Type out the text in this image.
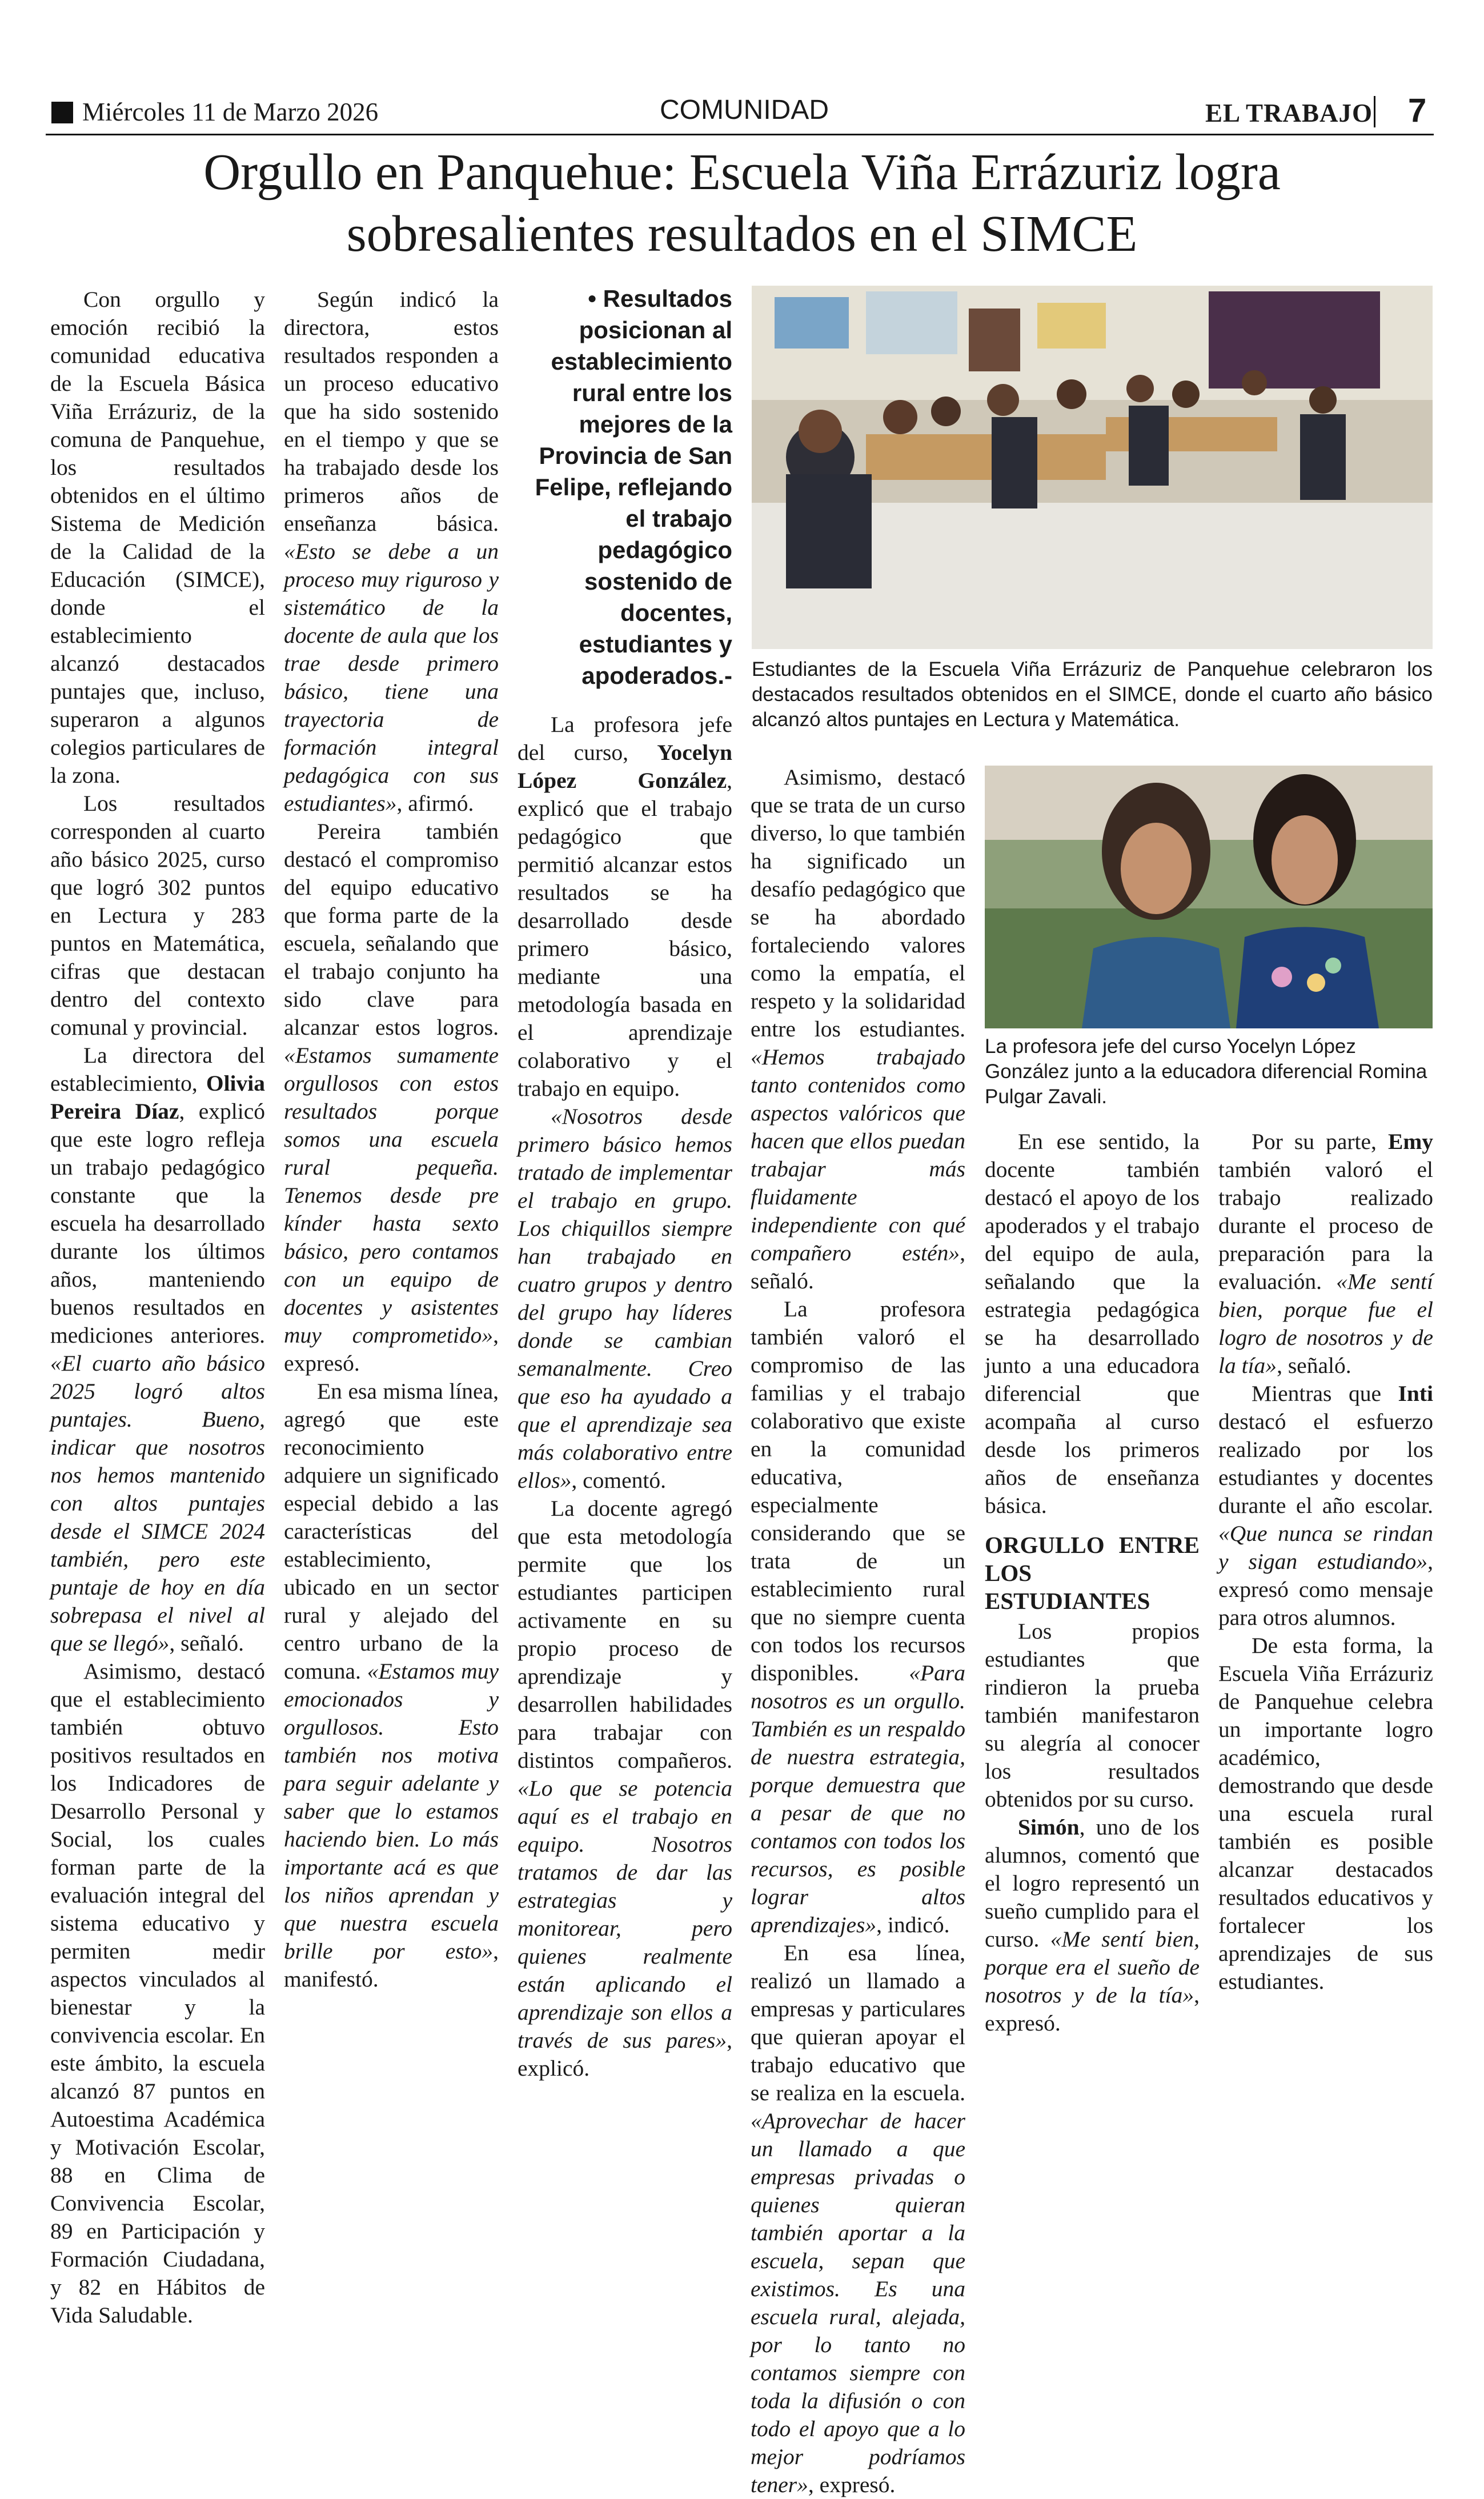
Miércoles 11 de Marzo 2026	COMUNIDAD	EL TRABAJO 7
Orgullo en Panquehue: Escuela Viña Errázuriz logra
sobresalientes resultados en el SIMCE

Con orgullo y emoción recibió la comunidad educativa de la Escuela Básica Viña Errázuriz, de la comuna de Panquehue, los resultados obtenidos en el último Sistema de Medición de la Calidad de la Educación (SIMCE), donde el establecimiento alcanzó destacados puntajes que, incluso, superaron a algunos colegios particulares de la zona.

Los resultados corresponden al cuarto año básico 2025, curso que logró 302 puntos en Lectura y 283 puntos en Matemática, cifras que destacan dentro del contexto comunal y provincial.

La directora del establecimiento, Olivia Pereira Díaz, explicó que este logro refleja un trabajo pedagógico constante que la escuela ha desarrollado durante los últimos años, manteniendo buenos resultados en mediciones anteriores. «El cuarto año básico 2025 logró altos puntajes. Bueno, indicar que nosotros nos hemos mantenido con altos puntajes desde el SIMCE 2024 también, pero este puntaje de hoy en día sobrepasa el nivel al que se llegó», señaló.

Asimismo, destacó que el establecimiento también obtuvo positivos resultados en los Indicadores de Desarrollo Personal y Social, los cuales forman parte de la evaluación integral del sistema educativo y permiten medir aspectos vinculados al bienestar y la convivencia escolar. En este ámbito, la escuela alcanzó 87 puntos en Autoestima Académica y Motivación Escolar, 88 en Clima de Convivencia Escolar, 89 en Participación y Formación Ciudadana, y 82 en Hábitos de Vida Saludable.

• Resultados posicionan al establecimiento rural entre los mejores de la Provincia de San Felipe, reflejando el trabajo pedagógico sostenido de docentes, estudiantes y apoderados.- Estudiantes de la Escuela Viña Errázuriz de Panquehue celebraron los destacados resultados obtenidos en el SIMCE, donde el cuarto año básico alcanzó altos puntajes en Lectura y Matemática.
La profesora jefe del curso Yocelyn López González junto a la educadora diferencial Romina Pulgar Zavali.

Según indicó la directora, estos resultados responden a un proceso educativo que ha sido sostenido en el tiempo y que se ha trabajado desde los primeros años de enseñanza básica. «Esto se debe a un proceso muy riguroso y sistemático de la docente de aula que los trae desde primero básico, tiene una trayectoria de formación integral pedagógica con sus estudiantes», afirmó.

Pereira también destacó el compromiso del equipo educativo que forma parte de la escuela, señalando que el trabajo conjunto ha sido clave para alcanzar estos logros. «Estamos sumamente orgullosos con estos resultados porque somos una escuela rural pequeña. Tenemos desde pre kínder hasta sexto básico, pero contamos con un equipo de docentes y asistentes muy comprometido», expresó.

En esa misma línea, agregó que este reconocimiento adquiere un significado especial debido a las características del establecimiento, ubicado en un sector rural y alejado del centro urbano de la comuna. «Estamos muy emocionados y orgullosos. Esto también nos motiva para seguir adelante y saber que lo estamos haciendo bien. Lo más importante acá es que los niños aprendan y que nuestra escuela brille por esto», manifestó.

La profesora jefe del curso, Yocelyn López González, explicó que el trabajo pedagógico que permitió alcanzar estos resultados se ha desarrollado desde primero básico, mediante una metodología basada en el aprendizaje colaborativo y el trabajo en equipo.

«Nosotros desde primero básico hemos tratado de implementar el trabajo en grupo. Los chiquillos siempre han trabajado en cuatro grupos y dentro del grupo hay líderes donde se cambian semanalmente. Creo que eso ha ayudado a que el aprendizaje sea más colaborativo entre ellos», comentó.

La docente agregó que esta metodología permite que los estudiantes participen activamente en su propio proceso de aprendizaje y desarrollen habilidades para trabajar con distintos compañeros. «Lo que se potencia aquí es el trabajo en equipo. Nosotros tratamos de dar las estrategias y monitorear, pero quienes realmente están aplicando el aprendizaje son ellos a través de sus pares», explicó.

Asimismo, destacó que se trata de un curso diverso, lo que también ha significado un desafío pedagógico que se ha abordado fortaleciendo valores como la empatía, el respeto y la solidaridad entre los estudiantes. «Hemos trabajado tanto contenidos como aspectos valóricos que hacen que ellos puedan trabajar más fluidamente independiente con qué compañero estén», señaló.

La profesora también valoró el compromiso de las familias y el trabajo colaborativo que existe en la comunidad educativa, especialmente considerando que se trata de un establecimiento rural que no siempre cuenta con todos los recursos disponibles. «Para nosotros es un orgullo. También es un respaldo de nuestra estrategia, porque demuestra que a pesar de que no contamos con todos los recursos, es posible lograr altos aprendizajes», indicó.

En esa línea, realizó un llamado a empresas y particulares que quieran apoyar el trabajo educativo que se realiza en la escuela. «Aprovechar de hacer un llamado a que empresas privadas o quienes quieran también aportar a la escuela, sepan que existimos. Es una escuela rural, alejada, por lo tanto no contamos siempre con toda la difusión o con todo el apoyo que a lo mejor podríamos tener», expresó.

En ese sentido, la docente también destacó el apoyo de los apoderados y el trabajo del equipo de aula, señalando que la estrategia pedagógica se ha desarrollado junto a una educadora diferencial que acompaña al curso desde los primeros años de enseñanza básica.

ORGULLO ENTRE LOS ESTUDIANTES

Los propios estudiantes que rindieron la prueba también manifestaron su alegría al conocer los resultados obtenidos por su curso.

Simón, uno de los alumnos, comentó que el logro representó un sueño cumplido para el curso. «Me sentí bien, porque era el sueño de nosotros y de la tía», expresó.

Por su parte, Emy también valoró el trabajo realizado durante el proceso de preparación para la evaluación. «Me sentí bien, porque fue el logro de nosotros y de la tía», señaló.

Mientras que Inti destacó el esfuerzo realizado por los estudiantes y docentes durante el año escolar. «Que nunca se rindan y sigan estudiando», expresó como mensaje para otros alumnos.

De esta forma, la Escuela Viña Errázuriz de Panquehue celebra un importante logro académico, demostrando que desde una escuela rural también es posible alcanzar destacados resultados educativos y fortalecer los aprendizajes de sus estudiantes.
